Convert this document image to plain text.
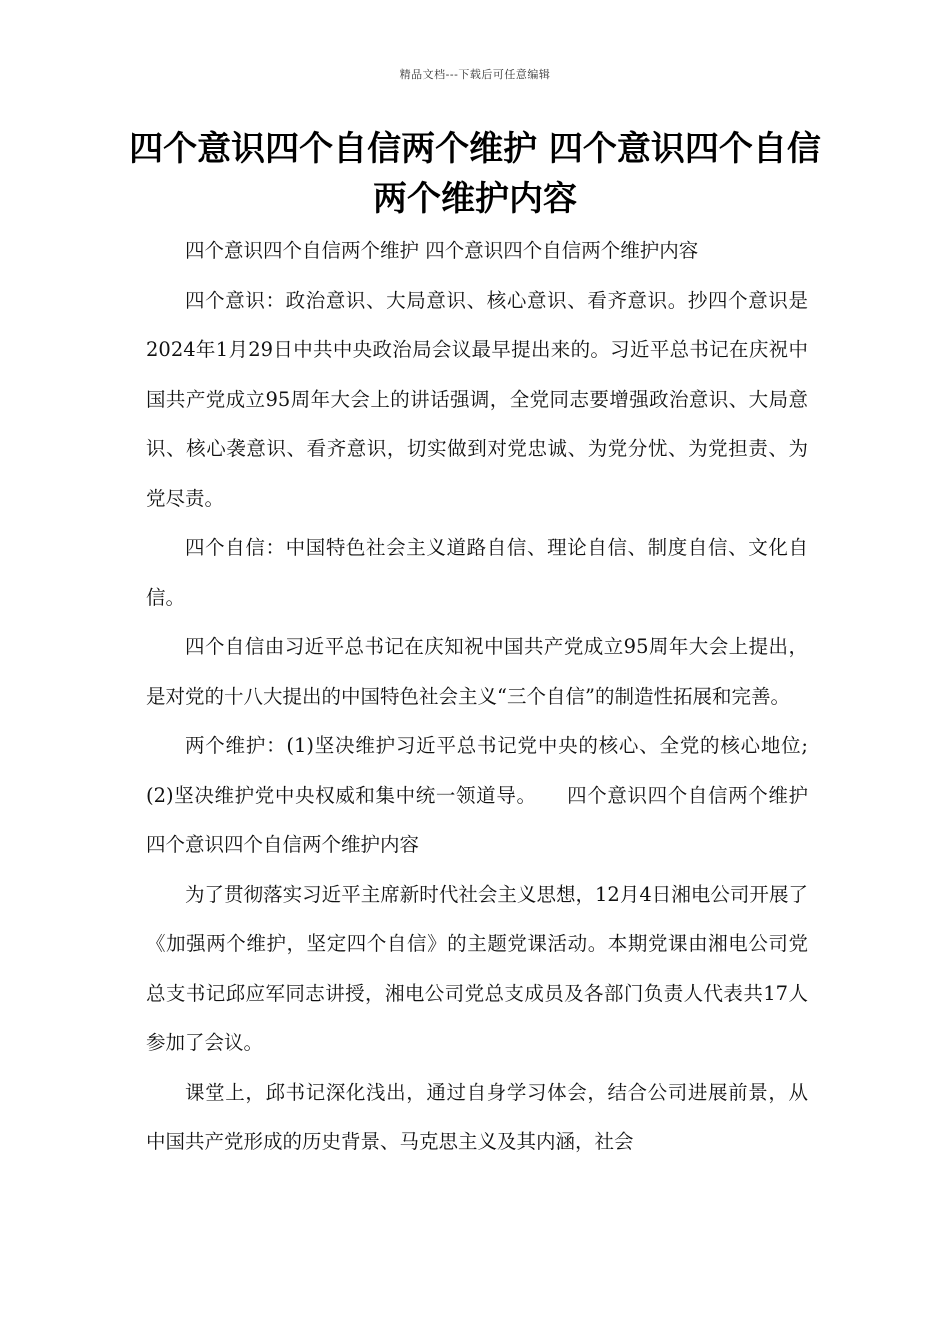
精品文档---下载后可任意编辑
四个意识四个自信两个维护 四个意识四个自信两个维护内容

四个意识四个自信两个维护 四个意识四个自信两个维护内容

四个意识：政治意识、大局意识、核心意识、看齐意识。抄四个意识是2024年1月29日中共中央政治局会议最早提出来的。习近平总书记在庆祝中国共产党成立95周年大会上的讲话强调，全党同志要增强政治意识、大局意识、核心袭意识、看齐意识，切实做到对党忠诚、为党分忧、为党担责、为党尽责。

四个自信：中国特色社会主义道路自信、理论自信、制度自信、文化自信。

四个自信由习近平总书记在庆知祝中国共产党成立95周年大会上提出，是对党的十八大提出的中国特色社会主义“三个自信”的制造性拓展和完善。

两个维护：(1)坚决维护习近平总书记党中央的核心、全党的核心地位;(2)坚决维护党中央权威和集中统一领道导。　　四个意识四个自信两个维护 四个意识四个自信两个维护内容

为了贯彻落实习近平主席新时代社会主义思想，12月4日湘电公司开展了《加强两个维护，坚定四个自信》的主题党课活动。本期党课由湘电公司党总支书记邱应军同志讲授，湘电公司党总支成员及各部门负责人代表共17人参加了会议。

课堂上，邱书记深化浅出，通过自身学习体会，结合公司进展前景，从中国共产党形成的历史背景、马克思主义及其内涵，社会
